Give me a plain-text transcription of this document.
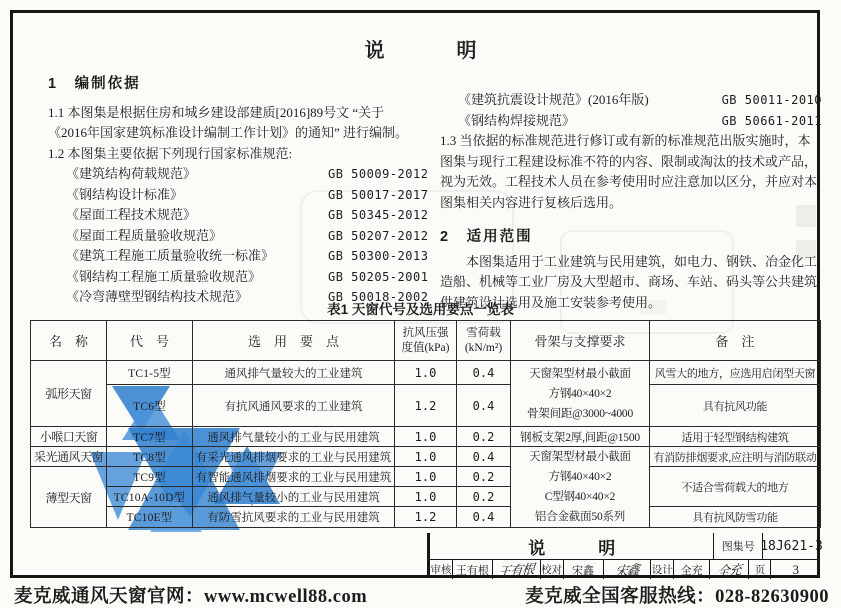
说　明

1　编制依据

1.1 本图集是根据住房和城乡建设部建质[2016]89号文 “关于

《2016年国家建筑标准设计编制工作计划》的通知” 进行编制。

1.2 本图集主要依据下列现行国家标准规范:

《建筑结构荷载规范》	GB 50009-2012
《钢结构设计标准》	GB 50017-2017
《屋面工程技术规范》	GB 50345-2012
《屋面工程质量验收规范》	GB 50207-2012
《建筑工程施工质量验收统一标准》	GB 50300-2013
《钢结构工程施工质量验收规范》	GB 50205-2001
《冷弯薄壁型钢结构技术规范》	GB 50018-2002
《建筑抗震设计规范》(2016年版)	GB 50011-2010
《钢结构焊接规范》	GB 50661-2011

1.3 当依据的标准规范进行修订或有新的标准规范出版实施时，本

图集与现行工程建设标准不符的内容、限制或淘汰的技术或产品，

视为无效。工程技术人员在参考使用时应注意加以区分，并应对本

图集相关内容进行复核后选用。

2　适用范围

　　本图集适用于工业建筑与民用建筑，如电力、钢铁、冶金化工

造船、机械等工业厂房及大型超市、商场、车站、码头等公共建筑

供建筑设计选用及施工安装参考使用。

表1 天窗代号及选用要点一览表
名　称	代　号	选　用　要　点	
抗风压强
度值(kPa)

雪荷载
(kN/m²)	骨架与支撑要求	备　注
弧形天窗	TC1-5型	通风排气量较大的工业建筑	1.0	0.4	天窗架型材最小截面
方钢40×40×2
骨架间距@3000~4000	风雪大的地方，应选用启闭型天窗
	TC6型	有抗风通风要求的工业建筑	1.2	0.4		具有抗风功能
小喉口天窗	TC7型	通风排气量较小的工业与民用建筑	1.0	0.2	钢板支架2厚,间距@1500	适用于轻型钢结构建筑
采光通风天窗	TC8型	有采光通风排烟要求的工业与民用建筑	1.0	0.4	天窗架型材最小截面
方钢40×40×2
C型钢40×40×2
铝合金截面50系列	有消防排烟要求,应注明与消防联动
薄型天窗	TC9型	有智能通风排烟要求的工业与民用建筑	1.0	0.2		不适合雪荷载大的地方
	TC10A-10D型	通风排气量较小的工业与民用建筑	1.0	0.2		
	TC10E型	有防雪抗风要求的工业与民用建筑	1.2	0.4		具有抗风防雪功能
说　明	图集号 18J621-3
审核 王有根 王有根 校对 宋鑫	宋鑫 设计 全充	全充	页	3
麦克威通风天窗官网：www.mcwell88.com	麦克威全国客服热线：028-82630900
